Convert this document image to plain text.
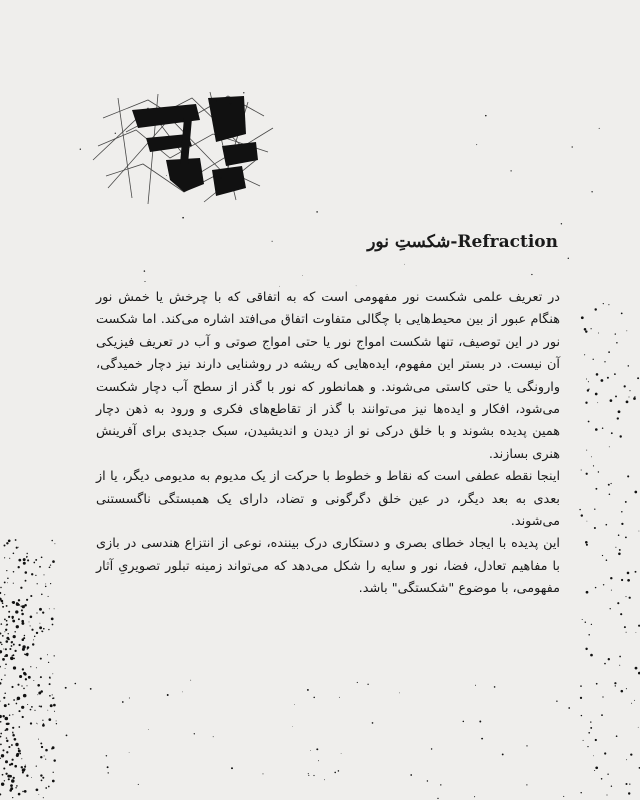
Refraction-شکستِ نور

در تعریف علمی شکست نور مفهومی است که به اتفاقی که با چرخش یا خمش نور هنگام عبور از بین محیط‌هایی با چگالی متفاوت اتفاق می‌افتد اشاره می‌کند. اما شکست نور در این توصیف، تنها شکست امواج نور یا حتی امواج صوتی و آب در تعریف فیزیکی آن نیست. در بستر این مفهوم، ایده‌هایی که ریشه در روشنایی دارند نیز دچار خمیدگی، وارونگی یا حتی کاستی می‌شوند. و همانطور که نور با گذر از سطح آب دچار شکست می‌شود، افکار و ایده‌ها نیز می‌توانند با گذر از تقاطع‌های فکری و ورود به ذهن دچار همین پدیده بشوند و با خلق درکی نو از دیدن و اندیشیدن، سبک جدیدی برای آفرینش هنری بسازند.

اینجا نقطه عطفی است که نقاط و خطوط با حرکت از یک مدیوم به مدیومی دیگر، یا از بعدی به بعد دیگر، در عین خلق دگرگونی و تضاد، دارای یک همبستگی ناگسستنی می‌شوند.

این پدیده با ایجاد خطای بصری و دستکاری درک بیننده، نوعی از انتزاع هندسی در بازی با مفاهیم تعادل، فضا، نور و سایه را شکل می‌دهد که می‌تواند زمینه تبلور تصویریِ آثار مفهومی، با موضوع "شکستگی" باشد.
